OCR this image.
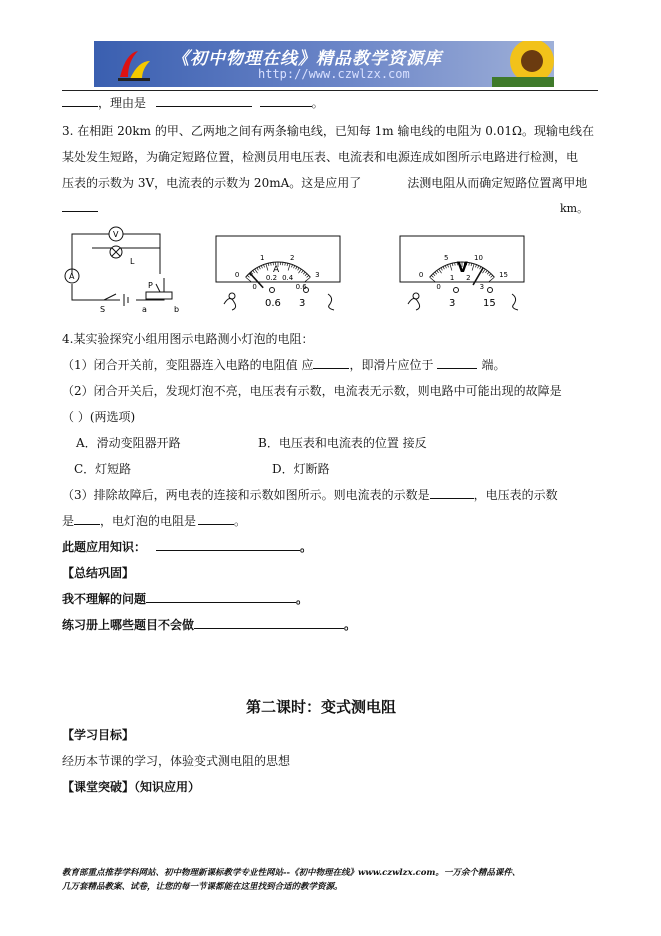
《初中物理在线》精品教学资源库
http://www.czwlzx.com
，理由是	。
3. 在相距 20km 的甲、乙两地之间有两条输电线，已知每 1m 输电线的电阻为 0.01Ω。现输电线在
某处发生短路，为确定短路位置，检测员用电压表、电流表和电源连成如图所示电路进行检测，电
压表的示数为 3V，电流表的示数为 20mA。这是应用了	法测电阻从而确定短路位置离甲地
km。
V
L
A
S
P
a	b
0
1	2
3
0
0.2 0.4
0.6
A
0.6 3
0
5	10
15
0
1 2
3
V
3	15
4.某实验探究小组用图示电路测小灯泡的电阻：
（1）闭合开关前，变阻器连入电路的电阻值 应	，即滑片应位于	端。
（2）闭合开关后，发现灯泡不亮，电压表有示数，电流表无示数，则电路中可能出现的故障是
（ ）(两选项)
A．滑动变阻器开路	B．电压表和电流表的位置 接反
C．灯短路	D．灯断路
（3）排除故障后，两电表的连接和示数如图所示。则电流表的示数是	，电压表的示数
是 ，电灯泡的电阻是	。
此题应用知识：	。
【总结巩固】
我不理解的问题	。
练习册上哪些题目不会做	。
第二课时：变式测电阻
【学习目标】
经历本节课的学习，体验变式测电阻的思想
【课堂突破】（知识应用）
教育部重点推荐学科网站、初中物理新课标教学专业性网站--《初中物理在线》www.czwlzx.com。一万余个精品课件、
几万套精品教案、试卷，让您的每一节课都能在这里找到合适的教学资源。
